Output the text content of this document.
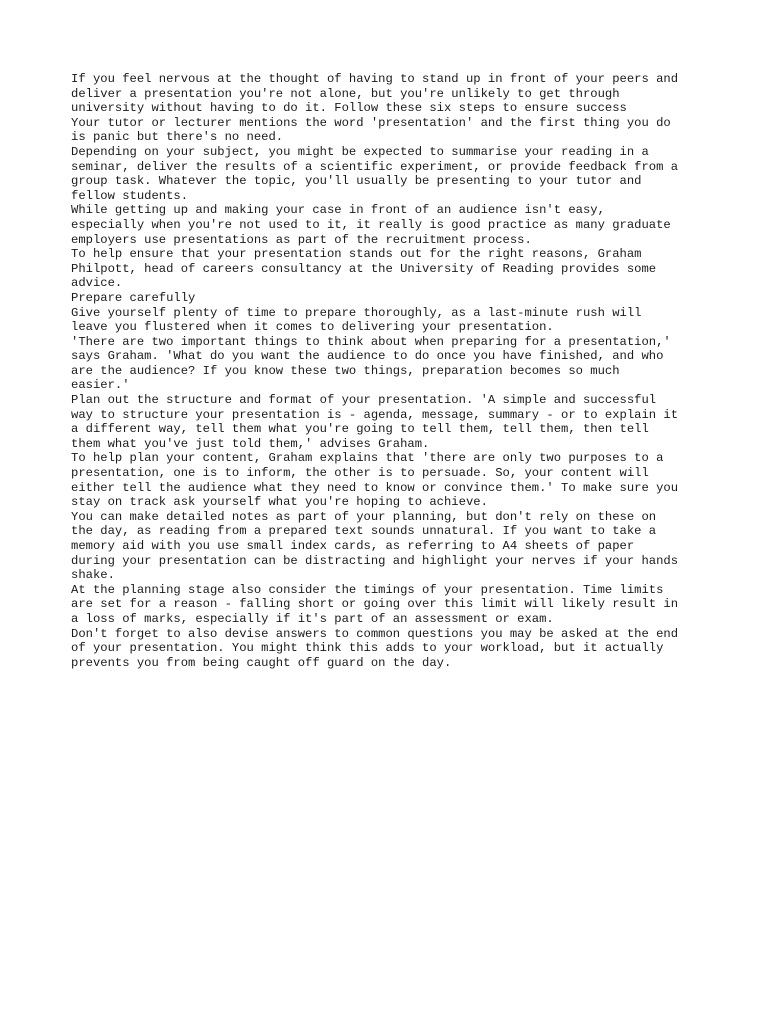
If you feel nervous at the thought of having to stand up in front of your peers and
deliver a presentation you're not alone, but you're unlikely to get through
university without having to do it. Follow these six steps to ensure success
Your tutor or lecturer mentions the word 'presentation' and the first thing you do
is panic but there's no need.
Depending on your subject, you might be expected to summarise your reading in a
seminar, deliver the results of a scientific experiment, or provide feedback from a
group task. Whatever the topic, you'll usually be presenting to your tutor and
fellow students.
While getting up and making your case in front of an audience isn't easy,
especially when you're not used to it, it really is good practice as many graduate
employers use presentations as part of the recruitment process.
To help ensure that your presentation stands out for the right reasons, Graham
Philpott, head of careers consultancy at the University of Reading provides some
advice.
Prepare carefully
Give yourself plenty of time to prepare thoroughly, as a last-minute rush will
leave you flustered when it comes to delivering your presentation.
'There are two important things to think about when preparing for a presentation,'
says Graham. 'What do you want the audience to do once you have finished, and who
are the audience? If you know these two things, preparation becomes so much
easier.'
Plan out the structure and format of your presentation. 'A simple and successful
way to structure your presentation is - agenda, message, summary - or to explain it
a different way, tell them what you're going to tell them, tell them, then tell
them what you've just told them,' advises Graham.
To help plan your content, Graham explains that 'there are only two purposes to a
presentation, one is to inform, the other is to persuade. So, your content will
either tell the audience what they need to know or convince them.' To make sure you
stay on track ask yourself what you're hoping to achieve.
You can make detailed notes as part of your planning, but don't rely on these on
the day, as reading from a prepared text sounds unnatural. If you want to take a
memory aid with you use small index cards, as referring to A4 sheets of paper
during your presentation can be distracting and highlight your nerves if your hands
shake.
At the planning stage also consider the timings of your presentation. Time limits
are set for a reason - falling short or going over this limit will likely result in
a loss of marks, especially if it's part of an assessment or exam.
Don't forget to also devise answers to common questions you may be asked at the end
of your presentation. You might think this adds to your workload, but it actually
prevents you from being caught off guard on the day.
